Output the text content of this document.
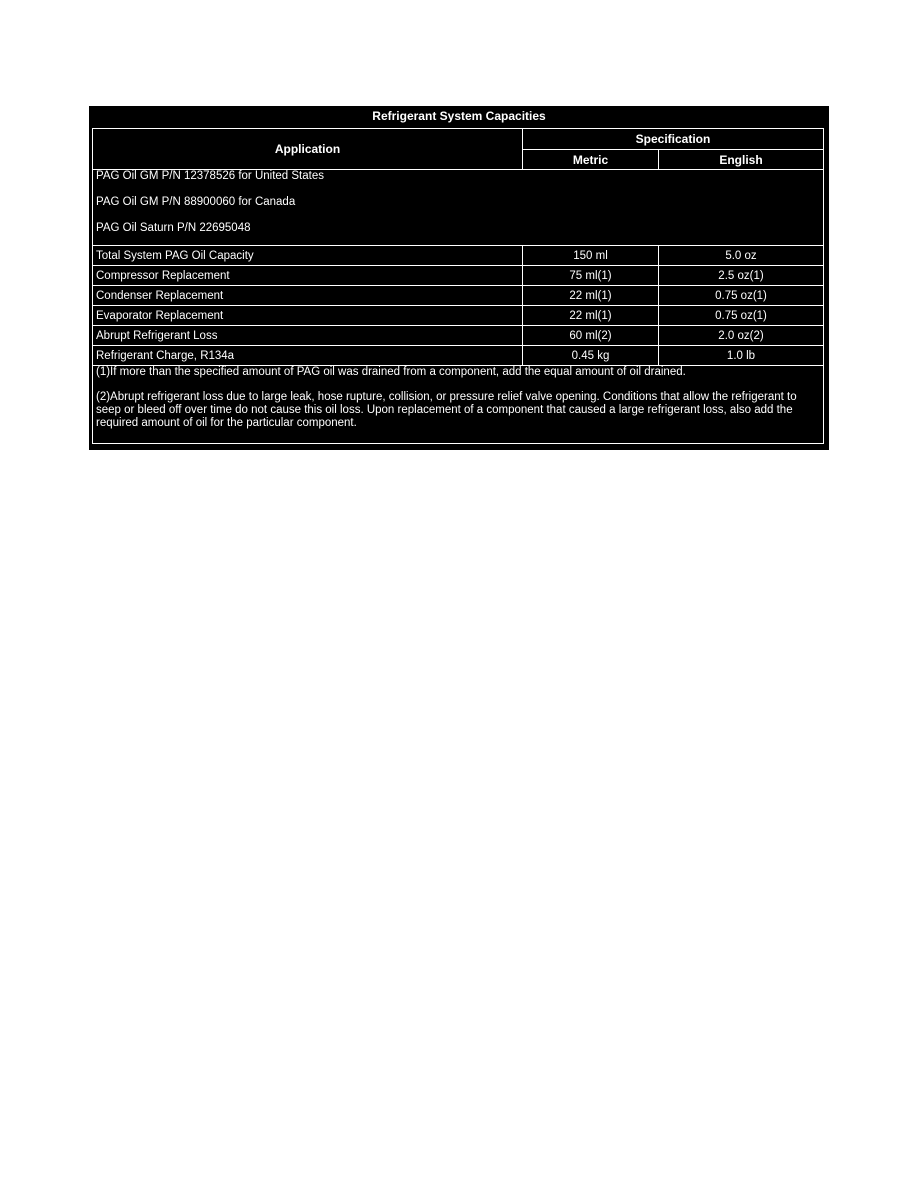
Refrigerant System Capacities
Application	Specification	
	Metric	English

PAG Oil GM P/N 12378526 for United States
PAG Oil GM P/N 88900060 for Canada
PAG Oil Saturn P/N 22695048		

Total System PAG Oil Capacity	150 ml	5.0 oz
Compressor Replacement	75 ml(1)	2.5 oz(1)
Condenser Replacement	22 ml(1)	0.75 oz(1)
Evaporator Replacement	22 ml(1)	0.75 oz(1)
Abrupt Refrigerant Loss	60 ml(2)	2.0 oz(2)
Refrigerant Charge, R134a	0.45 kg	1.0 lb

(1)If more than the specified amount of PAG oil was drained from a component, add the equal amount of oil drained.
(2)Abrupt refrigerant loss due to large leak, hose rupture, collision, or pressure relief valve opening. Conditions that allow the refrigerant to seep or bleed off over time do not cause this oil loss. Upon replacement of a component that caused a large refrigerant loss, also add the required amount of oil for the particular component.		
